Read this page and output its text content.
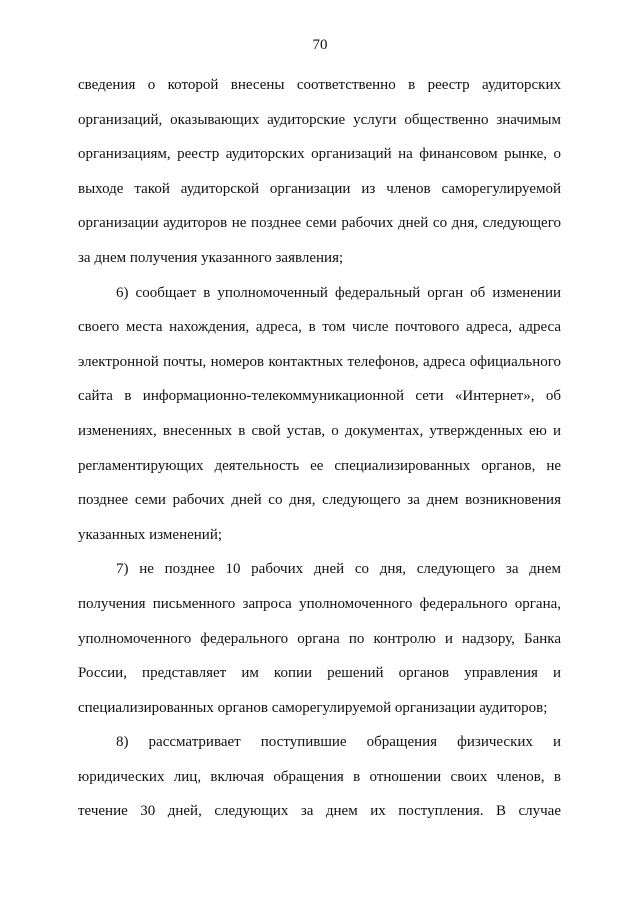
70
сведения о которой внесены соответственно в реестр аудиторских
организаций, оказывающих аудиторские услуги общественно значимым
организациям, реестр аудиторских организаций на финансовом рынке, о
выходе такой аудиторской организации из членов саморегулируемой
организации аудиторов не позднее семи рабочих дней со дня, следующего
за днем получения указанного заявления;
6) сообщает в уполномоченный федеральный орган об изменении
своего места нахождения, адреса, в том числе почтового адреса, адреса
электронной почты, номеров контактных телефонов, адреса официального
сайта в информационно-телекоммуникационной сети «Интернет», об
изменениях, внесенных в свой устав, о документах, утвержденных ею и
регламентирующих деятельность ее специализированных органов, не
позднее семи рабочих дней со дня, следующего за днем возникновения
указанных изменений;
7) не позднее 10 рабочих дней со дня, следующего за днем
получения письменного запроса уполномоченного федерального органа,
уполномоченного федерального органа по контролю и надзору, Банка
России, представляет им копии решений органов управления и
специализированных органов саморегулируемой организации аудиторов;
8) рассматривает поступившие обращения физических и
юридических лиц, включая обращения в отношении своих членов, в
течение 30 дней, следующих за днем их поступления. В случае
